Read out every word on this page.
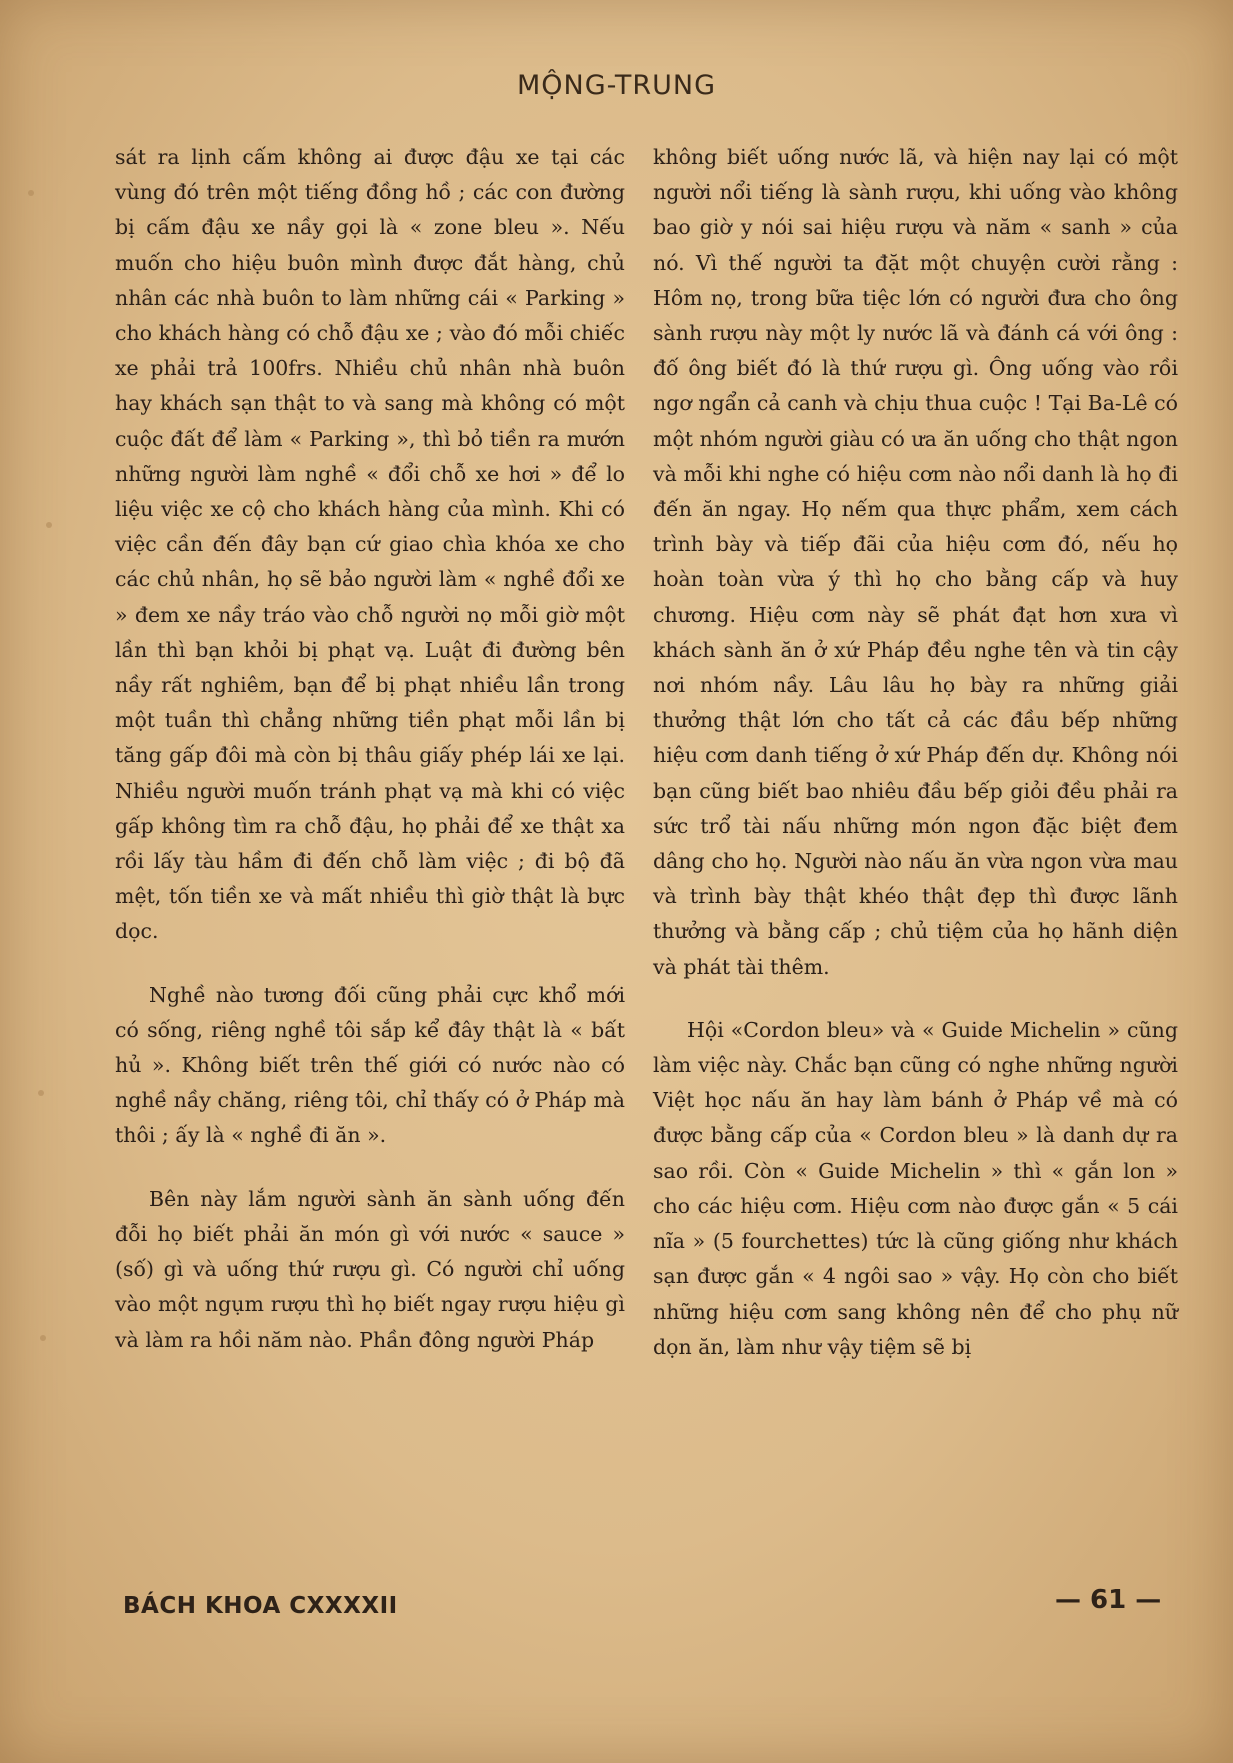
MỘNG-TRUNG

sát ra lịnh cấm không ai được đậu xe tại các vùng đó trên một tiếng đồng hồ ; các con đường bị cấm đậu xe nầy gọi là « zone bleu ». Nếu muốn cho hiệu buôn mình được đắt hàng, chủ nhân các nhà buôn to làm những cái « Parking » cho khách hàng có chỗ đậu xe ; vào đó mỗi chiếc xe phải trả 100frs. Nhiều chủ nhân nhà buôn hay khách sạn thật to và sang mà không có một cuộc đất để làm « Parking », thì bỏ tiền ra mướn những người làm nghề « đổi chỗ xe hơi » để lo liệu việc xe cộ cho khách hàng của mình. Khi có việc cần đến đây bạn cứ giao chìa khóa xe cho các chủ nhân, họ sẽ bảo người làm « nghề đổi xe » đem xe nầy tráo vào chỗ người nọ mỗi giờ một lần thì bạn khỏi bị phạt vạ. Luật đi đường bên nầy rất nghiêm, bạn để bị phạt nhiều lần trong một tuần thì chẳng những tiền phạt mỗi lần bị tăng gấp đôi mà còn bị thâu giấy phép lái xe lại. Nhiều người muốn tránh phạt vạ mà khi có việc gấp không tìm ra chỗ đậu, họ phải để xe thật xa rồi lấy tàu hầm đi đến chỗ làm việc ; đi bộ đã mệt, tốn tiền xe và mất nhiều thì giờ thật là bực dọc.

Nghề nào tương đối cũng phải cực khổ mới có sống, riêng nghề tôi sắp kể đây thật là « bất hủ ». Không biết trên thế giới có nước nào có nghề nầy chăng, riêng tôi, chỉ thấy có ở Pháp mà thôi ; ấy là « nghề đi ăn ».

Bên này lắm người sành ăn sành uống đến đỗi họ biết phải ăn món gì với nước « sauce » (số) gì và uống thứ rượu gì. Có người chỉ uống vào một ngụm rượu thì họ biết ngay rượu hiệu gì và làm ra hồi năm nào. Phần đông người Pháp

không biết uống nước lã, và hiện nay lại có một người nổi tiếng là sành rượu, khi uống vào không bao giờ y nói sai hiệu rượu và năm « sanh » của nó. Vì thế người ta đặt một chuyện cười rằng : Hôm nọ, trong bữa tiệc lớn có người đưa cho ông sành rượu này một ly nước lã và đánh cá với ông : đố ông biết đó là thứ rượu gì. Ông uống vào rồi ngơ ngẩn cả canh và chịu thua cuộc ! Tại Ba-Lê có một nhóm người giàu có ưa ăn uống cho thật ngon và mỗi khi nghe có hiệu cơm nào nổi danh là họ đi đến ăn ngay. Họ nếm qua thực phẩm, xem cách trình bày và tiếp đãi của hiệu cơm đó, nếu họ hoàn toàn vừa ý thì họ cho bằng cấp và huy chương. Hiệu cơm này sẽ phát đạt hơn xưa vì khách sành ăn ở xứ Pháp đều nghe tên và tin cậy nơi nhóm nầy. Lâu lâu họ bày ra những giải thưởng thật lớn cho tất cả các đầu bếp những hiệu cơm danh tiếng ở xứ Pháp đến dự. Không nói bạn cũng biết bao nhiêu đầu bếp giỏi đều phải ra sức trổ tài nấu những món ngon đặc biệt đem dâng cho họ. Người nào nấu ăn vừa ngon vừa mau và trình bày thật khéo thật đẹp thì được lãnh thưởng và bằng cấp ; chủ tiệm của họ hãnh diện và phát tài thêm.

Hội «Cordon bleu» và « Guide Michelin » cũng làm việc này. Chắc bạn cũng có nghe những người Việt học nấu ăn hay làm bánh ở Pháp về mà có được bằng cấp của « Cordon bleu » là danh dự ra sao rồi. Còn « Guide Michelin » thì « gắn lon » cho các hiệu cơm. Hiệu cơm nào được gắn « 5 cái nĩa » (5 fourchettes) tức là cũng giống như khách sạn được gắn « 4 ngôi sao » vậy. Họ còn cho biết những hiệu cơm sang không nên để cho phụ nữ dọn ăn, làm như vậy tiệm sẽ bị

BÁCH KHOA CXXXXII	— 61 —
